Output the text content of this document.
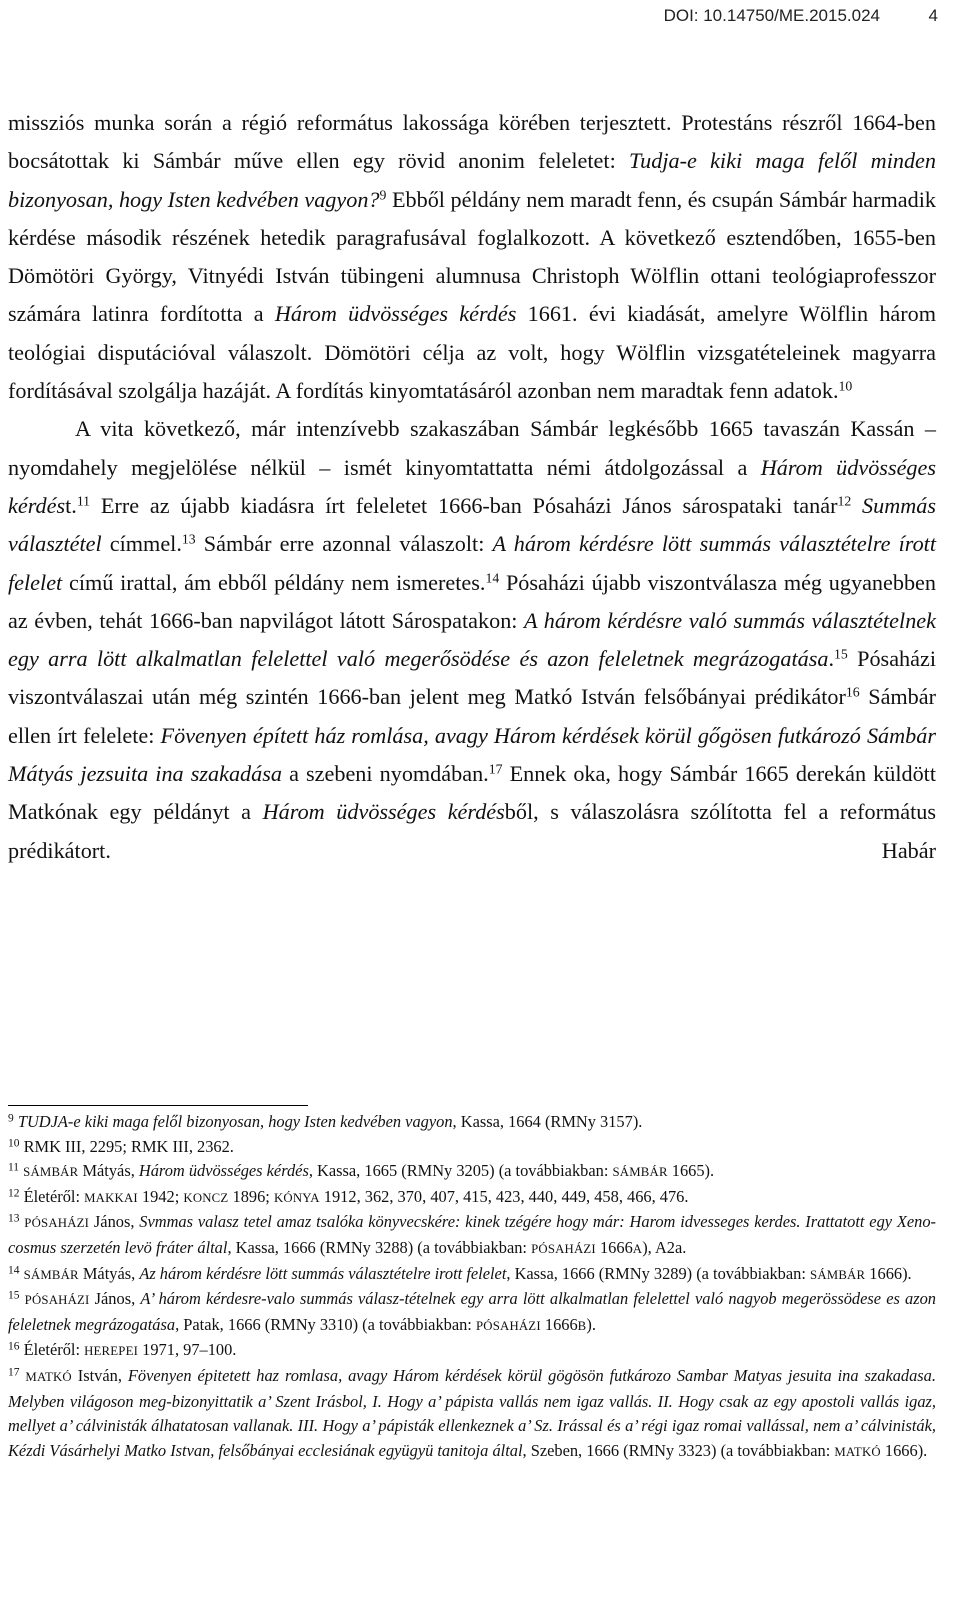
DOI: 10.14750/ME.2015.024	4

missziós munka során a régió református lakossága körében terjesztett. Protestáns részről 1664-ben bocsátottak ki Sámbár műve ellen egy rövid anonim feleletet: Tudja-e kiki maga felől minden bizonyosan, hogy Isten kedvében vagyon?$^9$ Ebből példány nem maradt fenn, és csupán Sámbár harmadik kérdése második részének hetedik paragrafusával foglalkozott. A következő esztendőben, 1655-ben Dömötöri György, Vitnyédi István tübingeni alumnusa Christoph Wölflin ottani teológiaprofesszor számára latinra fordította a Három üdvösséges kérdés 1661. évi kiadását, amelyre Wölflin három teológiai disputációval válaszolt. Dömötöri célja az volt, hogy Wölflin vizsgatételeinek magyarra fordításával szolgálja hazáját. A fordítás kinyomtatásáról azonban nem maradtak fenn adatok.$^{10}$

A vita következő, már intenzívebb szakaszában Sámbár legkésőbb 1665 tavaszán Kassán – nyomdahely megjelölése nélkül – ismét kinyomtattatta némi átdolgozással a Három üdvösséges kérdést.$^{11}$ Erre az újabb kiadásra írt feleletet 1666-ban Pósaházi János sárospataki tanár$^{12}$ Summás választétel címmel.$^{13}$ Sámbár erre azonnal válaszolt: A három kérdésre lött summás választételre írott felelet című irattal, ám ebből példány nem ismeretes.$^{14}$ Pósaházi újabb viszontválasza még ugyanebben az évben, tehát 1666-ban napvilágot látott Sárospatakon: A három kérdésre való summás választételnek egy arra lött alkalmatlan felelettel való megerősödése és azon feleletnek megrázogatása.$^{15}$ Pósaházi viszontválaszai után még szintén 1666-ban jelent meg Matkó István felsőbányai prédikátor$^{16}$ Sámbár ellen írt felelete: Fövenyen épített ház romlása, avagy Három kérdések körül gőgösen futkározó Sámbár Mátyás jezsuita ina szakadása a szebeni nyomdában.$^{17}$ Ennek oka, hogy Sámbár 1665 derekán küldött Matkónak egy példányt a Három üdvösséges kérdésből, s válaszolásra szólította fel a református prédikátort. Habár

$^9$ TUDJA-e kiki maga felől bizonyosan, hogy Isten kedvében vagyon, Kassa, 1664 (RMNy 3157).

$^{10}$ RMK III, 2295; RMK III, 2362.

$^{11}$ SÁMBÁR Mátyás, Három üdvösséges kérdés, Kassa, 1665 (RMNy 3205) (a továbbiakban: SÁMBÁR 1665).

$^{12}$ Életéről: MAKKAI 1942; KONCZ 1896; KÓNYA 1912, 362, 370, 407, 415, 423, 440, 449, 458, 466, 476.

$^{13}$ PÓSAHÁZI János, Svmmas valasz tetel amaz tsalóka könyvecskére: kinek tzégére hogy már: Harom idvesseges kerdes. Irattatott egy Xeno-cosmus szerzetén levö fráter által, Kassa, 1666 (RMNy 3288) (a továbbiakban: PÓSAHÁZI 1666A), A2a.

$^{14}$ SÁMBÁR Mátyás, Az három kérdésre lött summás választételre irott felelet, Kassa, 1666 (RMNy 3289) (a továbbiakban: SÁMBÁR 1666).

$^{15}$ PÓSAHÁZI János, A’ három kérdesre-valo summás válasz-tételnek egy arra lött alkalmatlan felelettel való nagyob megerössödese es azon feleletnek megrázogatása, Patak, 1666 (RMNy 3310) (a továbbiakban: PÓSAHÁZI 1666B).

$^{16}$ Életéről: HEREPEI 1971, 97–100.

$^{17}$ MATKÓ István, Fövenyen épitetett haz romlasa, avagy Három kérdések körül gögösön futkározo Sambar Matyas jesuita ina szakadasa. Melyben világoson meg-bizonyittatik a’ Szent Irásbol, I. Hogy a’ pápista vallás nem igaz vallás. II. Hogy csak az egy apostoli vallás igaz, mellyet a’ cálvinisták álhatatosan vallanak. III. Hogy a’ pápisták ellenkeznek a’ Sz. Irással és a’ régi igaz romai vallással, nem a’ cálvinisták, Kézdi Vásárhelyi Matko Istvan, felsőbányai ecclesiának együgyü tanitoja által, Szeben, 1666 (RMNy 3323) (a továbbiakban: MATKÓ 1666).
